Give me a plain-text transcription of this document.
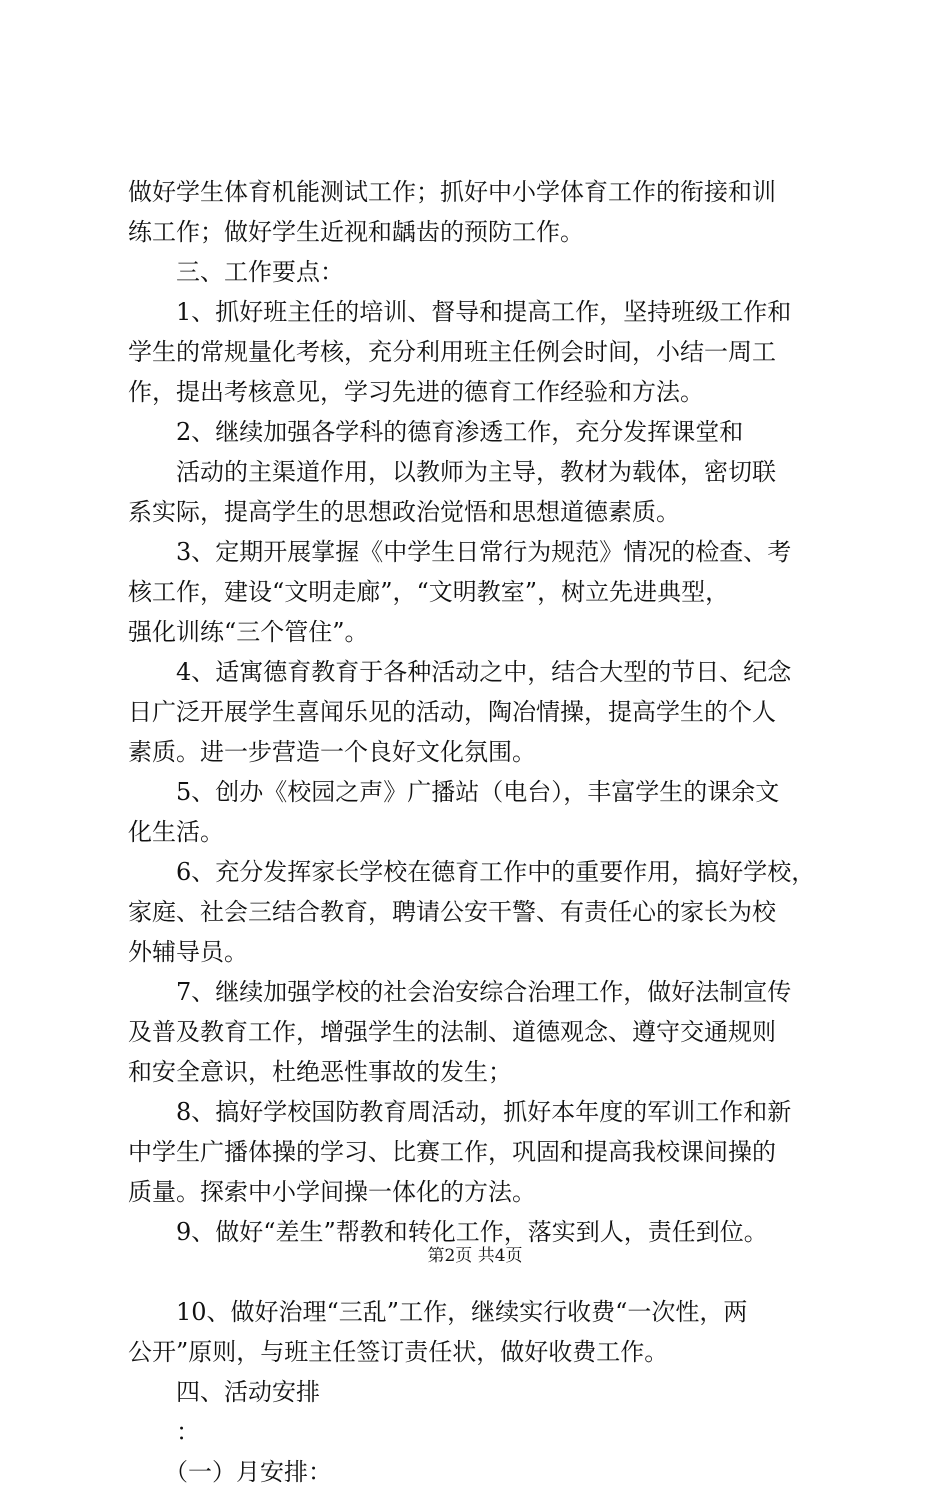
做好学生体育机能测试工作；抓好中小学体育工作的衔接和训
练工作；做好学生近视和龋齿的预防工作。
　　三、工作要点：
　　1、抓好班主任的培训、督导和提高工作，坚持班级工作和
学生的常规量化考核，充分利用班主任例会时间，小结一周工
作，提出考核意见，学习先进的德育工作经验和方法。
　　2、继续加强各学科的德育渗透工作，充分发挥课堂和
　　活动的主渠道作用，以教师为主导，教材为载体，密切联
系实际，提高学生的思想政治觉悟和思想道德素质。
　　3、定期开展掌握《中学生日常行为规范》情况的检查、考
核工作，建设“文明走廊”，“文明教室”，树立先进典型，
强化训练“三个管住”。
　　4、适寓德育教育于各种活动之中，结合大型的节日、纪念
日广泛开展学生喜闻乐见的活动，陶冶情操，提高学生的个人
素质。进一步营造一个良好文化氛围。
　　5、创办《校园之声》广播站（电台），丰富学生的课余文
化生活。
　　6、充分发挥家长学校在德育工作中的重要作用，搞好学校，
家庭、社会三结合教育，聘请公安干警、有责任心的家长为校
外辅导员。
　　7、继续加强学校的社会治安综合治理工作，做好法制宣传
及普及教育工作，增强学生的法制、道德观念、遵守交通规则
和安全意识，杜绝恶性事故的发生；
　　8、搞好学校国防教育周活动，抓好本年度的军训工作和新
中学生广播体操的学习、比赛工作，巩固和提高我校课间操的
质量。探索中小学间操一体化的方法。
　　9、做好“差生”帮教和转化工作，落实到人，责任到位。
　　10、做好治理“三乱”工作，继续实行收费“一次性，两
公开”原则，与班主任签订责任状，做好收费工作。
　　四、活动安排
　　：
　　（一）月安排：
第2页 共4页
